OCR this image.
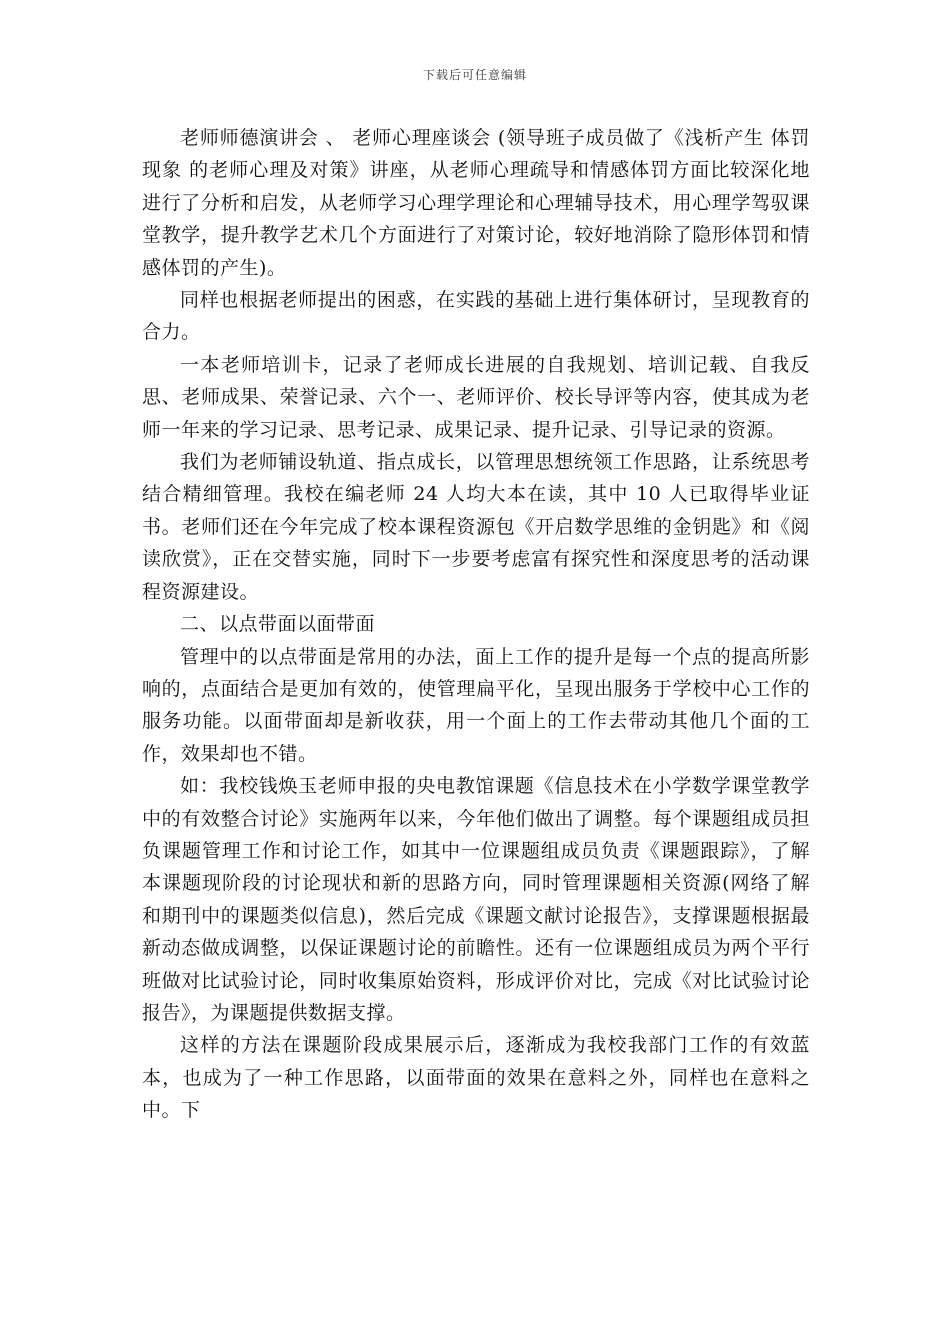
下载后可任意编辑

老师师德演讲会 、 老师心理座谈会 (领导班子成员做了《浅析产生 体罚现象 的老师心理及对策》讲座，从老师心理疏导和情感体罚方面比较深化地进行了分析和启发，从老师学习心理学理论和心理辅导技术，用心理学驾驭课堂教学，提升教学艺术几个方面进行了对策讨论，较好地消除了隐形体罚和情感体罚的产生)。

同样也根据老师提出的困惑，在实践的基础上进行集体研讨，呈现教育的合力。

一本老师培训卡，记录了老师成长进展的自我规划、培训记载、自我反思、老师成果、荣誉记录、六个一、老师评价、校长导评等内容，使其成为老师一年来的学习记录、思考记录、成果记录、提升记录、引导记录的资源。

我们为老师铺设轨道、指点成长，以管理思想统领工作思路，让系统思考结合精细管理。我校在编老师 24 人均大本在读，其中 10 人已取得毕业证书。老师们还在今年完成了校本课程资源包《开启数学思维的金钥匙》和《阅读欣赏》，正在交替实施，同时下一步要考虑富有探究性和深度思考的活动课程资源建设。

二、以点带面以面带面

管理中的以点带面是常用的办法，面上工作的提升是每一个点的提高所影响的，点面结合是更加有效的，使管理扁平化，呈现出服务于学校中心工作的服务功能。以面带面却是新收获，用一个面上的工作去带动其他几个面的工作，效果却也不错。

如：我校钱焕玉老师申报的央电教馆课题《信息技术在小学数学课堂教学中的有效整合讨论》实施两年以来，今年他们做出了调整。每个课题组成员担负课题管理工作和讨论工作，如其中一位课题组成员负责《课题跟踪》，了解本课题现阶段的讨论现状和新的思路方向，同时管理课题相关资源(网络了解和期刊中的课题类似信息)，然后完成《课题文献讨论报告》，支撑课题根据最新动态做成调整，以保证课题讨论的前瞻性。还有一位课题组成员为两个平行班做对比试验讨论，同时收集原始资料，形成评价对比，完成《对比试验讨论报告》，为课题提供数据支撑。

这样的方法在课题阶段成果展示后，逐渐成为我校我部门工作的有效蓝本，也成为了一种工作思路，以面带面的效果在意料之外，同样也在意料之中。下
